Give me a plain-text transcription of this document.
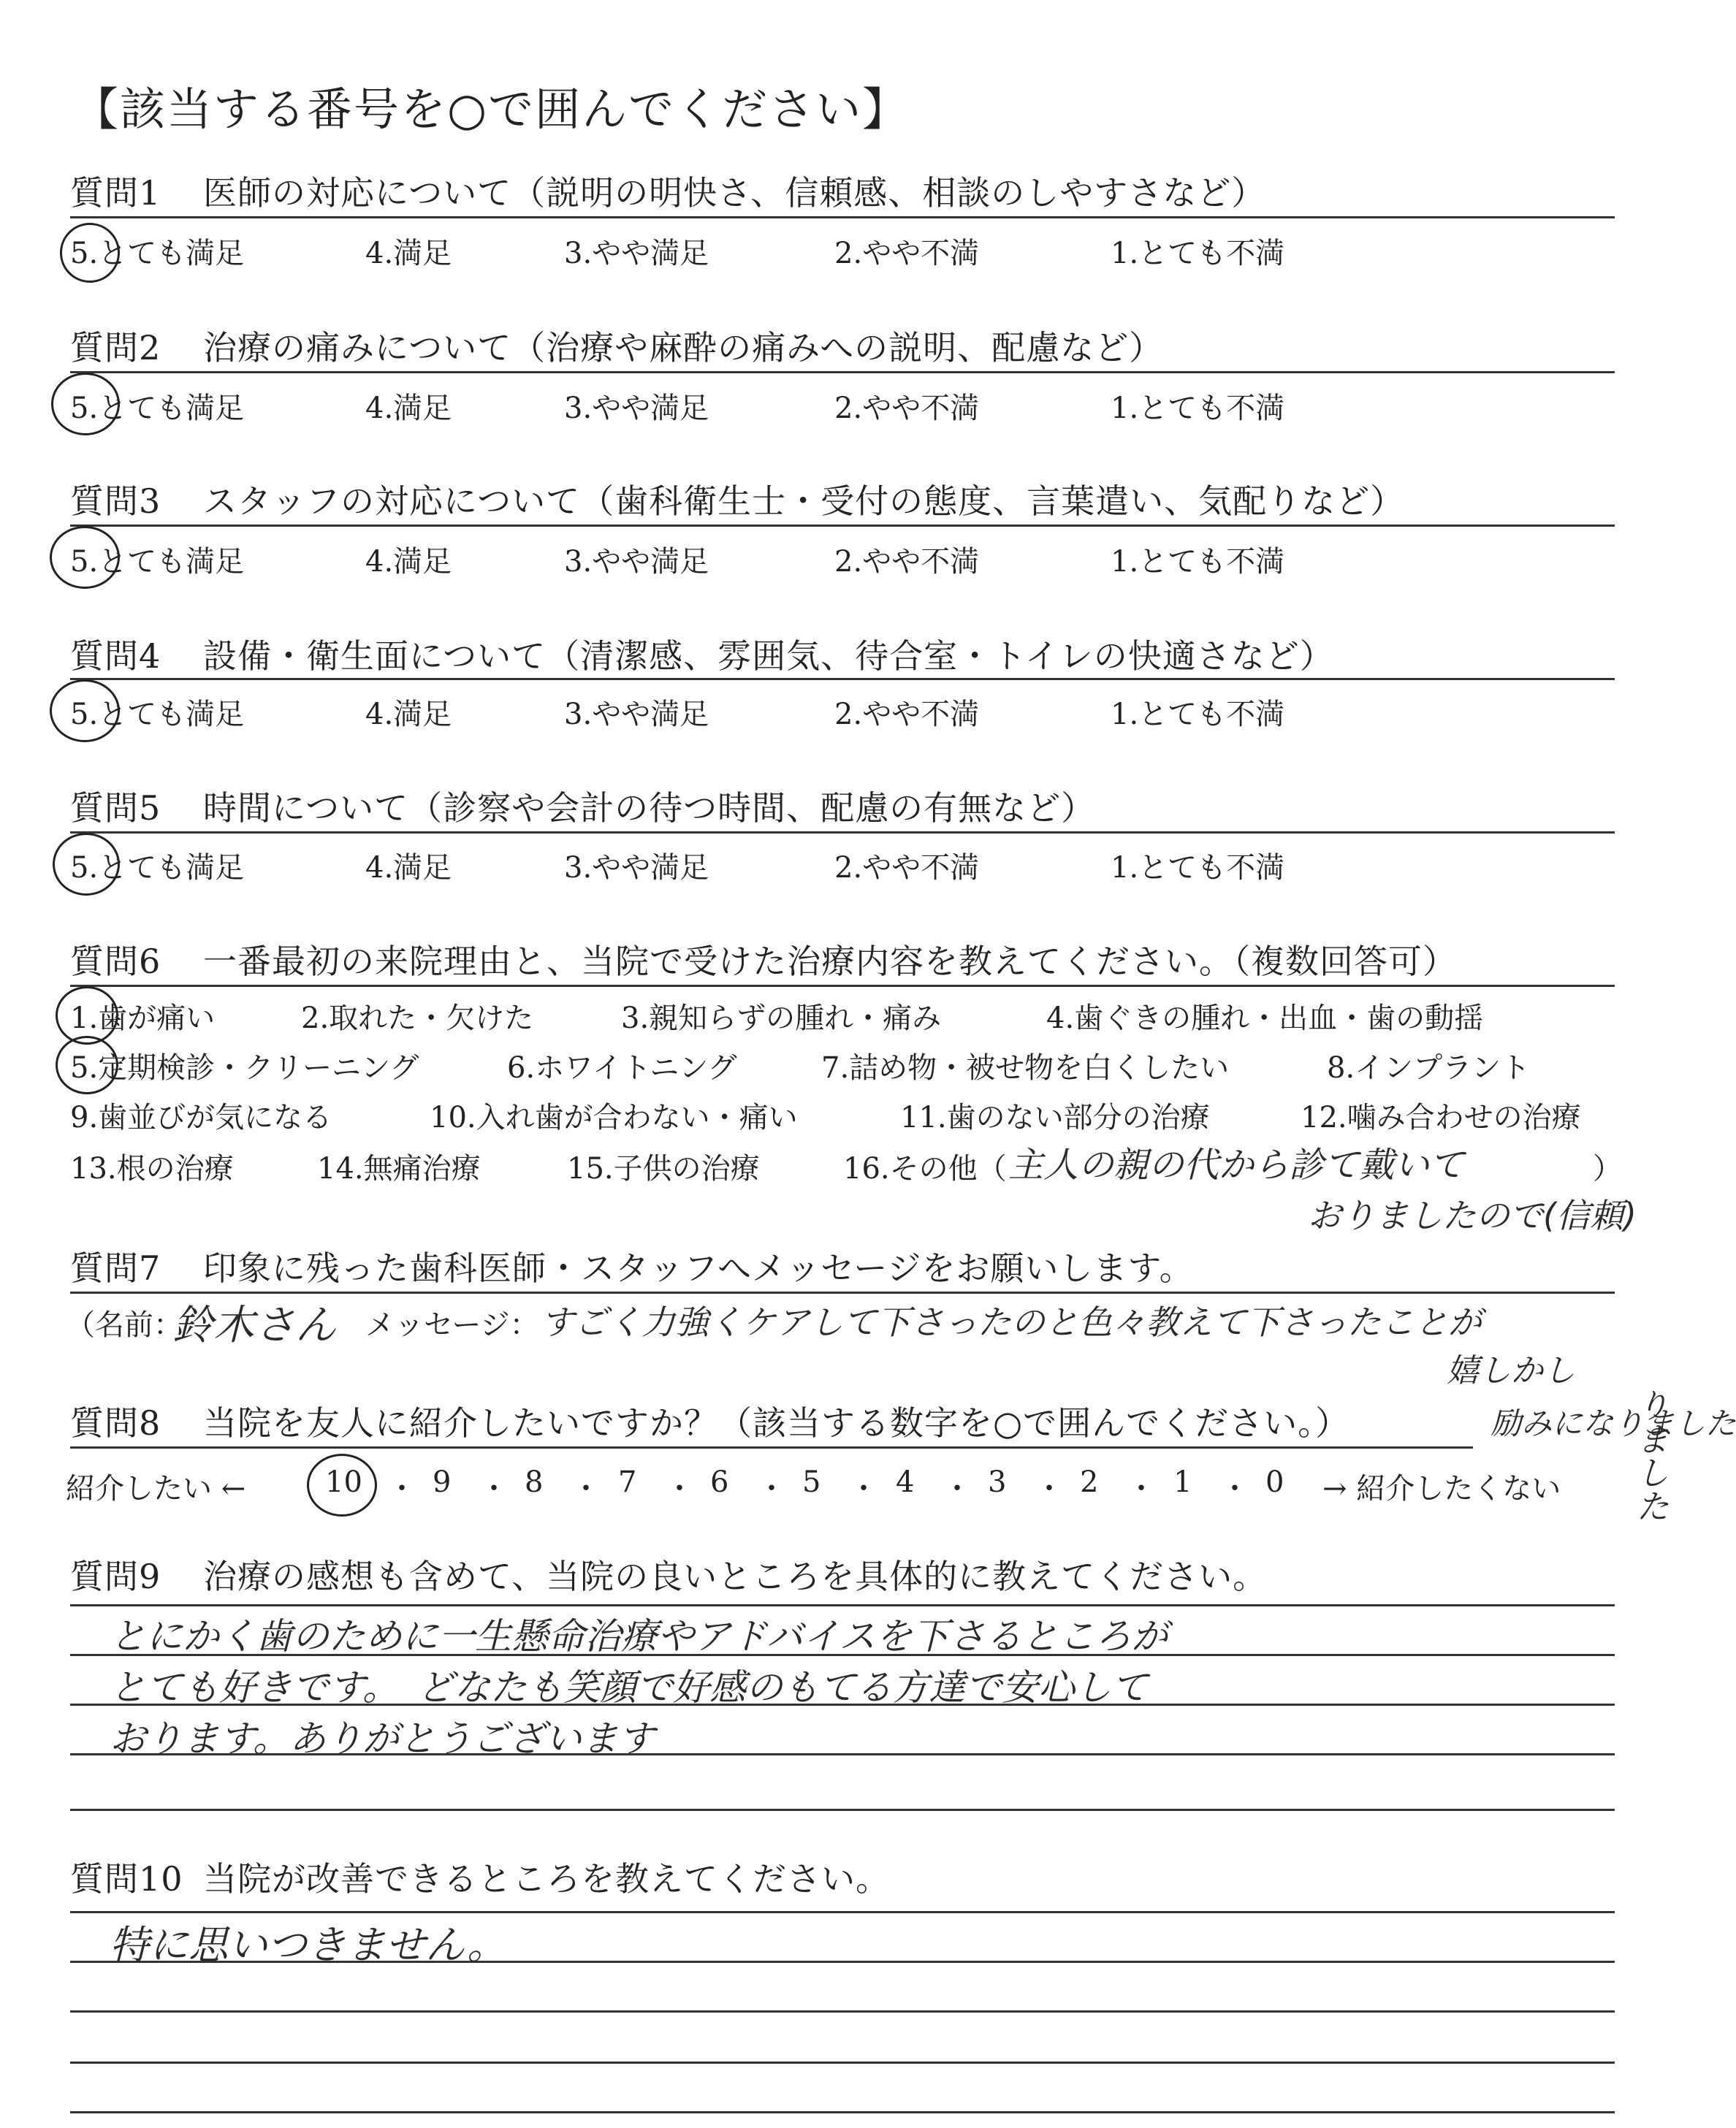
【該当する番号を○で囲んでください】
質問1 医師の対応について（説明の明快さ、信頼感、相談のしやすさなど）
5.とても満足	4.満足	3.やや満足	2.やや不満	1.とても不満
質問2 治療の痛みについて（治療や麻酔の痛みへの説明、配慮など）
5.とても満足	4.満足	3.やや満足	2.やや不満	1.とても不満
質問3 スタッフの対応について（歯科衛生士・受付の態度、言葉遣い、気配りなど）
5.とても満足	4.満足	3.やや満足	2.やや不満	1.とても不満
質問4 設備・衛生面について（清潔感、雰囲気、待合室・トイレの快適さなど）
5.とても満足	4.満足	3.やや満足	2.やや不満	1.とても不満
質問5 時間について（診察や会計の待つ時間、配慮の有無など）
5.とても満足	4.満足	3.やや満足	2.やや不満	1.とても不満
質問6 一番最初の来院理由と、当院で受けた治療内容を教えてください。（複数回答可）
1.歯が痛い	2.取れた・欠けた	3.親知らずの腫れ・痛み	4.歯ぐきの腫れ・出血・歯の動揺
5.定期検診・クリーニング	6.ホワイトニング	7.詰め物・被せ物を白くしたい	8.インプラント
9.歯並びが気になる	10.入れ歯が合わない・痛い	11.歯のない部分の治療	12.噛み合わせの治療
13.根の治療	14.無痛治療	15.子供の治療	16.その他（ 主人の親の代から診て戴いて	）
おりましたので(信頼)
質問7 印象に残った歯科医師・スタッフへメッセージをお願いします。
（名前：
鈴木さん メッセージ： すごく力強くケアして下さったのと色々教えて下さったことが
嬉しかし
励みになりました
質問8 当院を友人に紹介したいですか？（該当する数字を○で囲んでください。）
紹介したい ←	10 ・ 9 ・ 8 ・ 7 ・ 6 ・ 5 ・ 4 ・ 3 ・ 2 ・ 1 ・ 0 → 紹介したくない りました
質問9 治療の感想も含めて、当院の良いところを具体的に教えてください。
とにかく歯のために一生懸命治療やアドバイスを下さるところが
とても好きです。　どなたも笑顔で好感のもてる方達で安心して
おります。ありがとうございます
質問10 当院が改善できるところを教えてください。
特に思いつきません。
